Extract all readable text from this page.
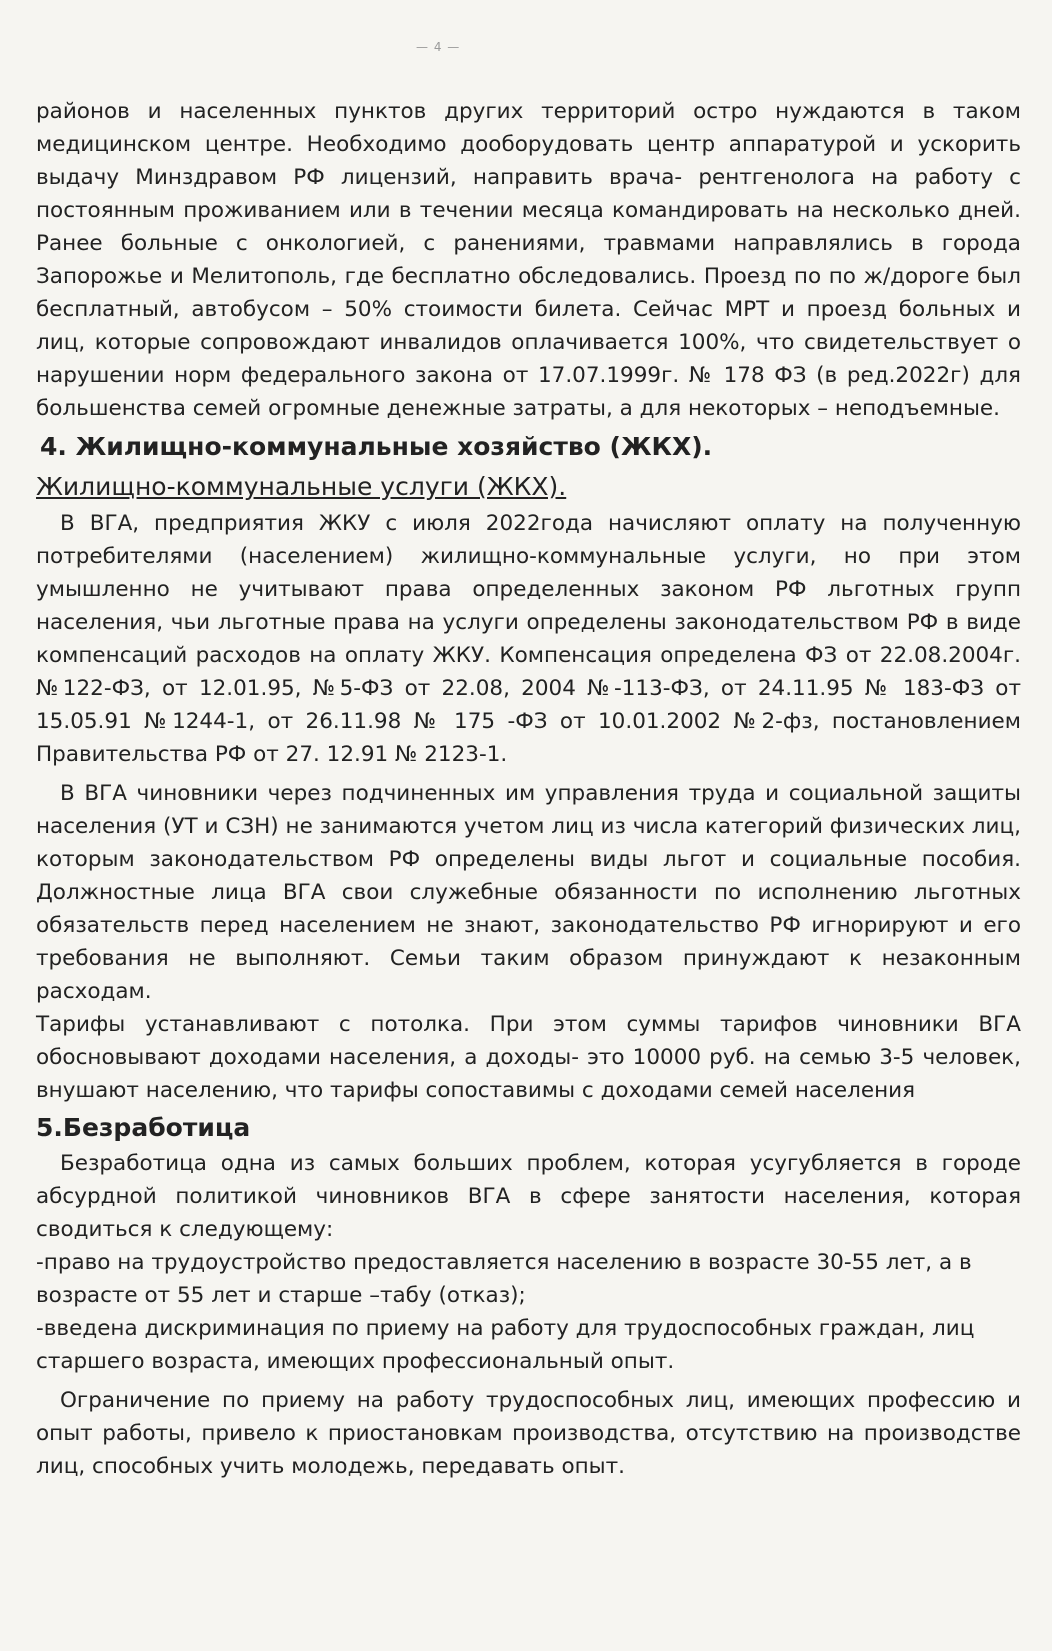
— 4 —

районов и населенных пунктов других территорий остро нуждаются в таком медицинском центре. Необходимо дооборудовать центр аппаратурой и ускорить выдачу Минздравом РФ лицензий, направить врача- рентгенолога на работу с постоянным проживанием или в течении месяца командировать на несколько дней. Ранее больные с онкологией, с ранениями, травмами направлялись в города Запорожье и Мелитополь, где бесплатно обследовались. Проезд по по ж/дороге был бесплатный, автобусом – 50% стоимости билета. Сейчас МРТ и проезд больных и лиц, которые сопровождают инвалидов оплачивается 100%, что свидетельствует о нарушении норм федерального закона от 17.07.1999г. № 178 ФЗ (в ред.2022г) для большенства семей огромные денежные затраты, а для некоторых – неподъемные.

4. Жилищно-коммунальные хозяйство (ЖКХ).
Жилищно-коммунальные услуги (ЖКХ).

В ВГА, предприятия ЖКУ с июля 2022года начисляют оплату на полученную потребителями (населением) жилищно-коммунальные услуги, но при этом умышленно не учитывают права определенных законом РФ льготных групп населения, чьи льготные права на услуги определены законодательством РФ в виде компенсаций расходов на оплату ЖКУ. Компенсация определена ФЗ от 22.08.2004г. №122-ФЗ, от 12.01.95, №5-ФЗ от 22.08, 2004 №-113-ФЗ, от 24.11.95 № 183-ФЗ от 15.05.91 №1244-1, от 26.11.98 № 175 -ФЗ от 10.01.2002 №2-фз, постановлением Правительства РФ от 27. 12.91 № 2123-1.

В ВГА чиновники через подчиненных им управления труда и социальной защиты населения (УТ и СЗН) не занимаются учетом лиц из числа категорий физических лиц, которым законодательством РФ определены виды льгот и социальные пособия. Должностные лица ВГА свои служебные обязанности по исполнению льготных обязательств перед населением не знают, законодательство РФ игнорируют и его требования не выполняют. Семьи таким образом принуждают к незаконным расходам.

Тарифы устанавливают с потолка. При этом суммы тарифов чиновники ВГА обосновывают доходами населения, а доходы- это 10000 руб. на семью 3-5 человек, внушают населению, что тарифы сопоставимы с доходами семей населения

5.Безработица

Безработица одна из самых больших проблем, которая усугубляется в городе абсурдной политикой чиновников ВГА в сфере занятости населения, которая сводиться к следующему:

-право на трудоустройство предоставляется населению в возрасте 30-55 лет, а в возрасте от 55 лет и старше –табу (отказ);

-введена дискриминация по приему на работу для трудоспособных граждан, лиц старшего возраста, имеющих профессиональный опыт.

Ограничение по приему на работу трудоспособных лиц, имеющих профессию и опыт работы, привело к приостановкам производства, отсутствию на производстве лиц, способных учить молодежь, передавать опыт.
